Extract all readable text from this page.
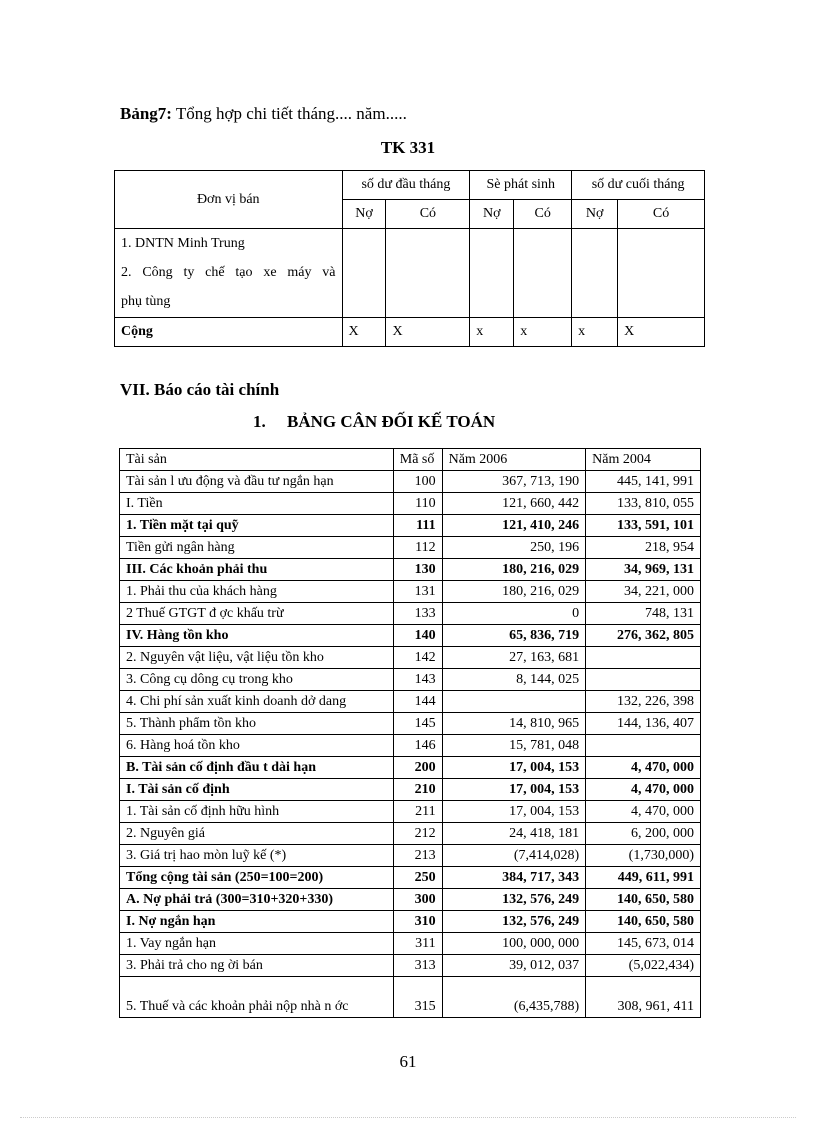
Bảng7: Tổng hợp chi tiết tháng.... năm.....
TK 331
Đơn vị bán	số dư đầu tháng		Sè phát sinh		số dư cuối tháng	
	Nợ	Có	Nợ	Có	Nợ	Có

1. DNTN Minh Trung
2. Công ty chế tạo xe máy và
phụ tùng						

Cộng	X	X	x	x	x	X
VII. Báo cáo tài chính
1. BẢNG CÂN ĐỐI KẾ TOÁN
Tài sản	Mã số	Năm 2006	Năm 2004
Tài sản l ưu động và đầu tư ngắn hạn	100	367, 713, 190	445, 141, 991
I. Tiền	110	121, 660, 442	133, 810, 055
1. Tiền mặt tại quỹ	111	121, 410, 246	133, 591, 101
Tiền gửi ngân hàng	112	250, 196	218, 954
III. Các khoản phải thu	130	180, 216, 029	34, 969, 131
1. Phải thu của khách hàng	131	180, 216, 029	34, 221, 000
2 Thuế GTGT đ ợc khấu trừ	133	0	748, 131
IV. Hàng tồn kho	140	65, 836, 719	276, 362, 805
2. Nguyên vật liệu, vật liệu tồn kho	142	27, 163, 681	
3. Công cụ dông cụ trong kho	143	8, 144, 025	
4. Chi phí sản xuất kinh doanh dở dang	144		132, 226, 398
5. Thành phẩm tồn kho	145	14, 810, 965	144, 136, 407
6. Hàng hoá tồn kho	146	15, 781, 048	
B. Tài sản cố định đầu t dài hạn	200	17, 004, 153	4, 470, 000
I. Tài sản cố định	210	17, 004, 153	4, 470, 000
1. Tài sản cố định hữu hình	211	17, 004, 153	4, 470, 000
2. Nguyên giá	212	24, 418, 181	6, 200, 000
3. Giá trị hao mòn luỹ kế (*)	213	(7,414,028)	(1,730,000)
Tổng cộng tài sản (250=100=200)	250	384, 717, 343	449, 611, 991
A. Nợ phải trả (300=310+320+330)	300	132, 576, 249	140, 650, 580
I. Nợ ngắn hạn	310	132, 576, 249	140, 650, 580
1. Vay ngắn hạn	311	100, 000, 000	145, 673, 014
3. Phải trả cho ng ời bán	313	39, 012, 037	(5,022,434)
5. Thuế và các khoản phải nộp nhà n ớc	315	(6,435,788)	308, 961, 411
61
